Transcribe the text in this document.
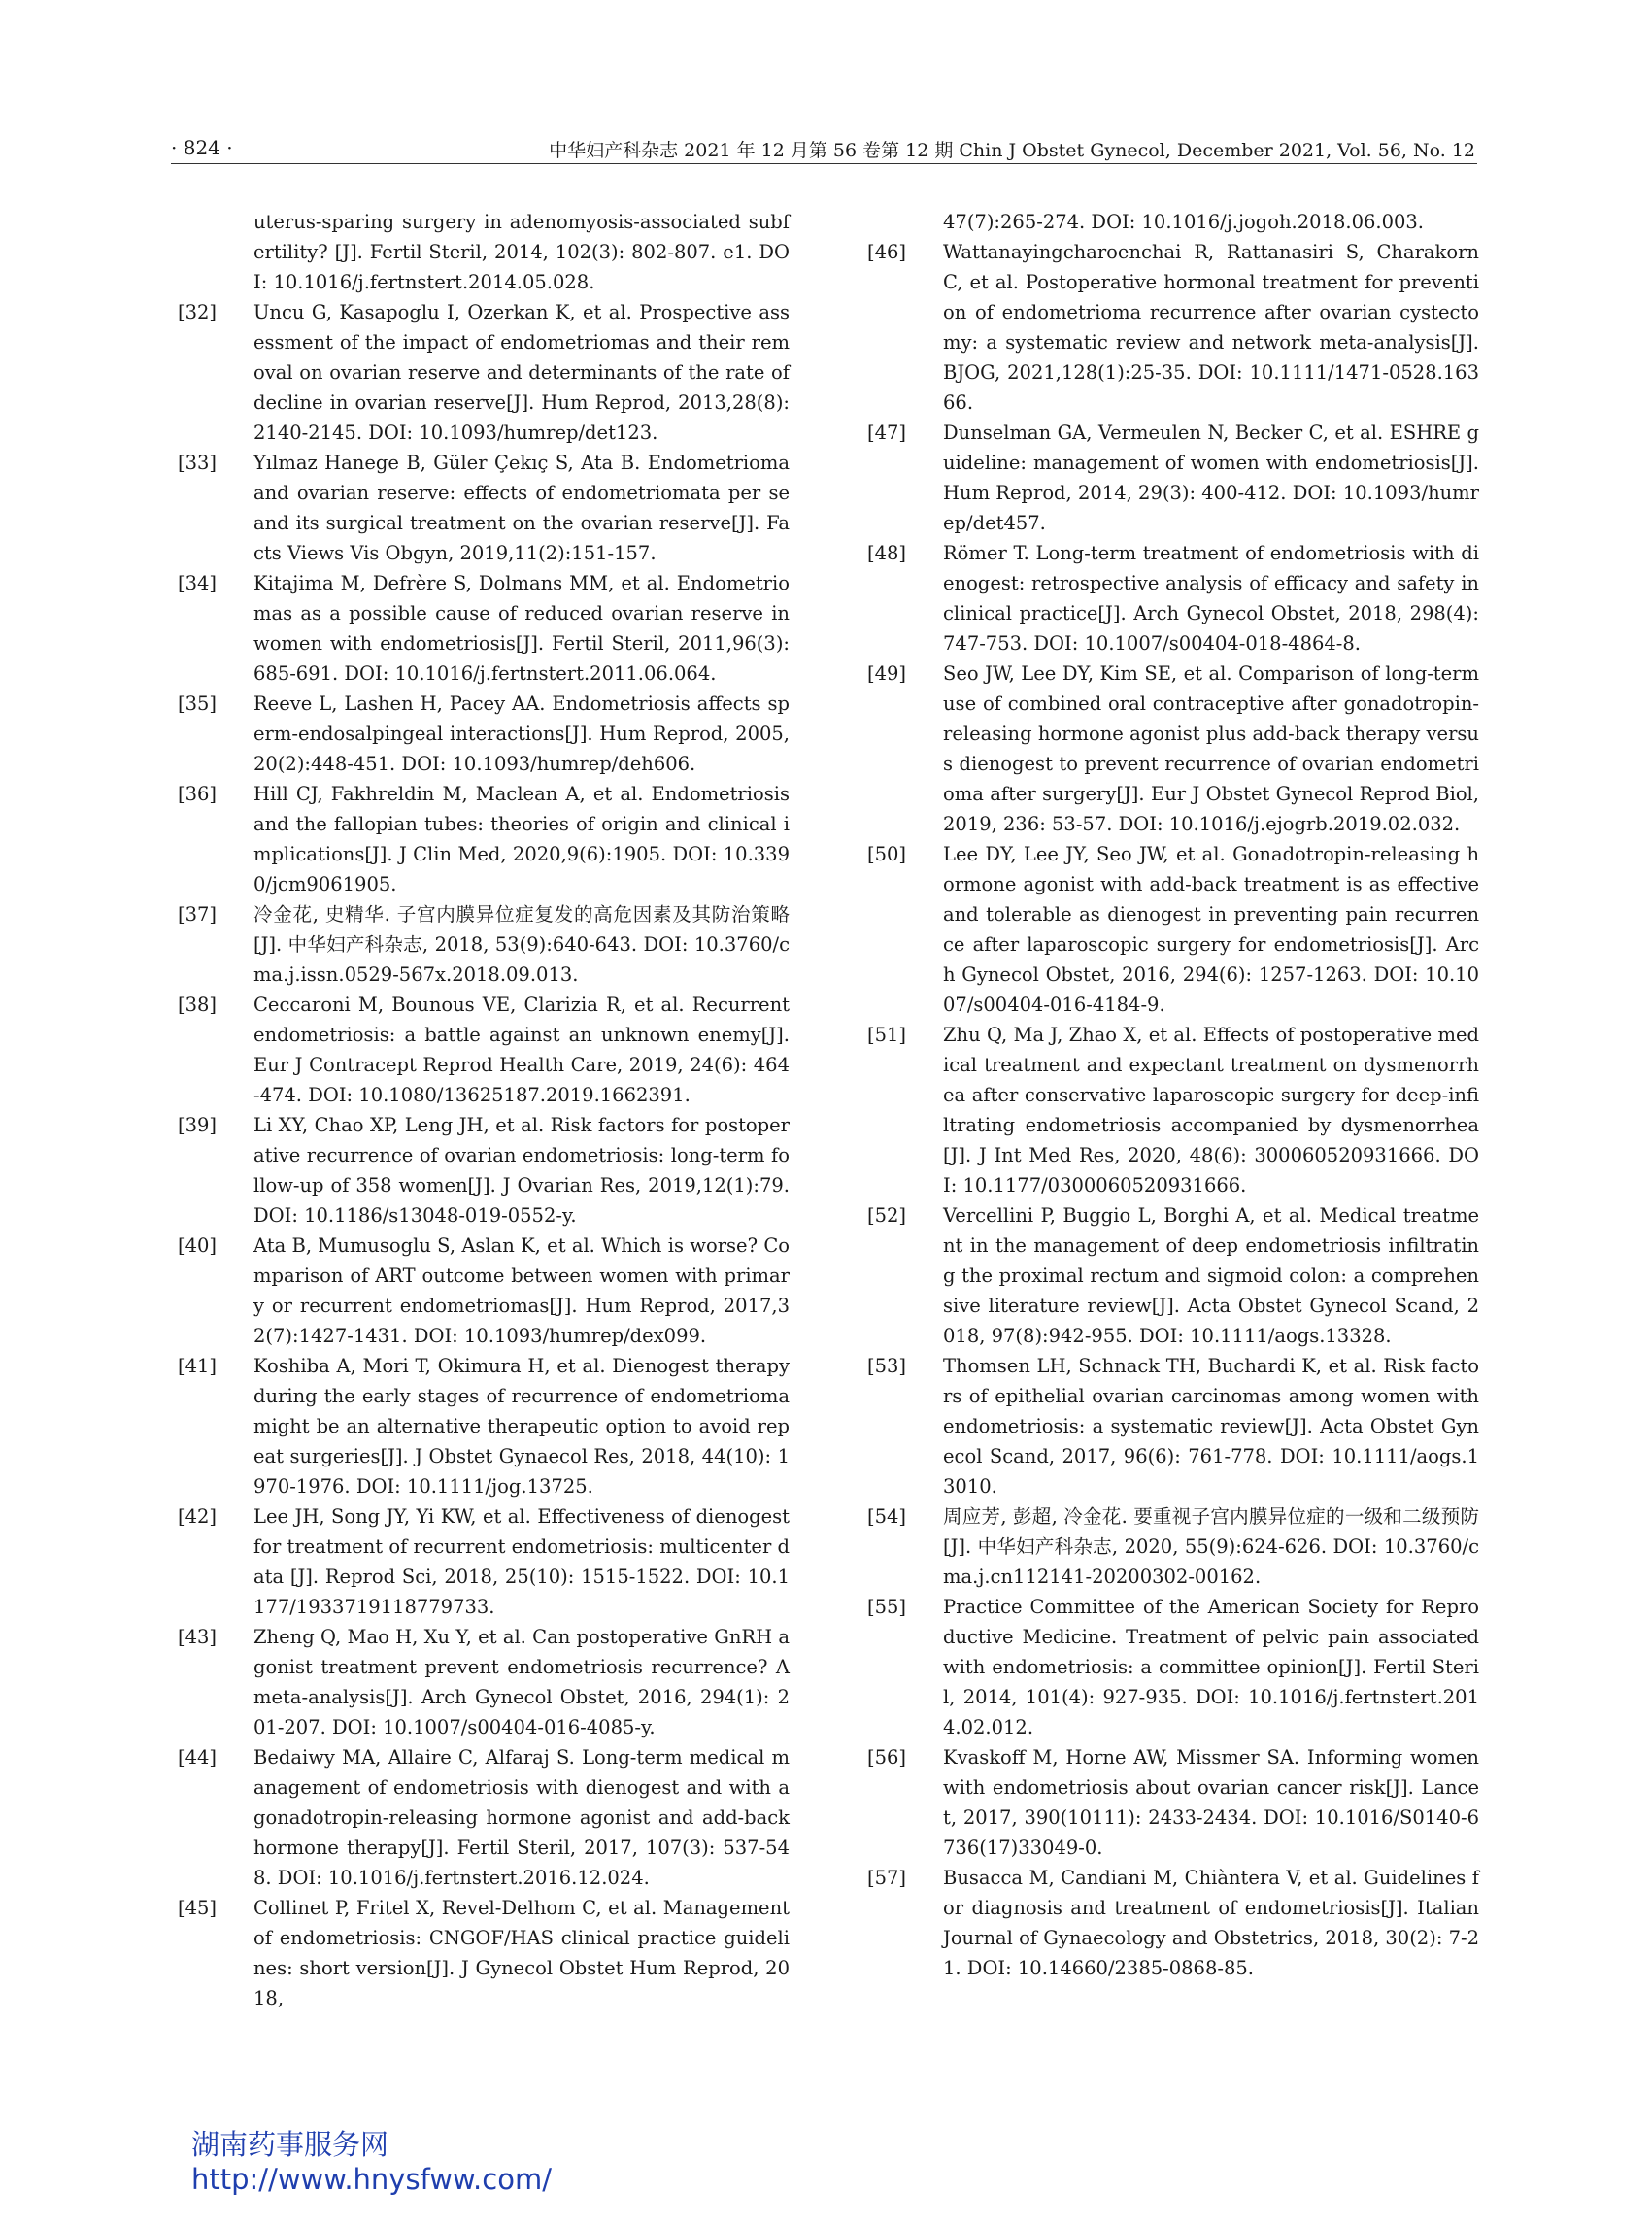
· 824 ·	中华妇产科杂志 2021 年 12 月第 56 卷第 12 期 Chin J Obstet Gynecol, December 2021, Vol. 56, No. 12
uterus-sparing surgery in adenomyosis-associated subfertility? [J]. Fertil Steril, 2014, 102(3): 802-807. e1. DOI: 10.1016/j.fertnstert.2014.05.028.
[32]	Uncu G, Kasapoglu I, Ozerkan K, et al. Prospective assessment of the impact of endometriomas and their removal on ovarian reserve and determinants of the rate of decline in ovarian reserve[J]. Hum Reprod, 2013,28(8): 2140-2145. DOI: 10.1093/humrep/det123.
[33]	Yılmaz Hanege B, Güler Çekıç S, Ata B. Endometrioma and ovarian reserve: effects of endometriomata per se and its surgical treatment on the ovarian reserve[J]. Facts Views Vis Obgyn, 2019,11(2):151-157.
[34]	Kitajima M, Defrère S, Dolmans MM, et al. Endometriomas as a possible cause of reduced ovarian reserve in women with endometriosis[J]. Fertil Steril, 2011,96(3):685-691. DOI: 10.1016/j.fertnstert.2011.06.064.
[35]	Reeve L, Lashen H, Pacey AA. Endometriosis affects sperm-endosalpingeal interactions[J]. Hum Reprod, 2005, 20(2):448-451. DOI: 10.1093/humrep/deh606.
[36]	Hill CJ, Fakhreldin M, Maclean A, et al. Endometriosis and the fallopian tubes: theories of origin and clinical implications[J]. J Clin Med, 2020,9(6):1905. DOI: 10.3390/jcm9061905.
[37]	冷金花, 史精华. 子宫内膜异位症复发的高危因素及其防治策略 [J]. 中华妇产科杂志, 2018, 53(9):640-643. DOI: 10.3760/cma.j.issn.0529-567x.2018.09.013.
[38]	Ceccaroni M, Bounous VE, Clarizia R, et al. Recurrent endometriosis: a battle against an unknown enemy[J]. Eur J Contracept Reprod Health Care, 2019, 24(6): 464-474. DOI: 10.1080/13625187.2019.1662391.
[39]	Li XY, Chao XP, Leng JH, et al. Risk factors for postoperative recurrence of ovarian endometriosis: long-term follow-up of 358 women[J]. J Ovarian Res, 2019,12(1):79. DOI: 10.1186/s13048-019-0552-y.
[40]	Ata B, Mumusoglu S, Aslan K, et al. Which is worse? Comparison of ART outcome between women with primary or recurrent endometriomas[J]. Hum Reprod, 2017,32(7):1427-1431. DOI: 10.1093/humrep/dex099.
[41]	Koshiba A, Mori T, Okimura H, et al. Dienogest therapy during the early stages of recurrence of endometrioma might be an alternative therapeutic option to avoid repeat surgeries[J]. J Obstet Gynaecol Res, 2018, 44(10): 1970-1976. DOI: 10.1111/jog.13725.
[42]	Lee JH, Song JY, Yi KW, et al. Effectiveness of dienogest for treatment of recurrent endometriosis: multicenter data [J]. Reprod Sci, 2018, 25(10): 1515-1522. DOI: 10.1177/1933719118779733.
[43]	Zheng Q, Mao H, Xu Y, et al. Can postoperative GnRH agonist treatment prevent endometriosis recurrence? A meta-analysis[J]. Arch Gynecol Obstet, 2016, 294(1): 201-207. DOI: 10.1007/s00404-016-4085-y.
[44]	Bedaiwy MA, Allaire C, Alfaraj S. Long-term medical management of endometriosis with dienogest and with a gonadotropin-releasing hormone agonist and add-back hormone therapy[J]. Fertil Steril, 2017, 107(3): 537-548. DOI: 10.1016/j.fertnstert.2016.12.024.
[45]	Collinet P, Fritel X, Revel-Delhom C, et al. Management of endometriosis: CNGOF/HAS clinical practice guidelines: short version[J]. J Gynecol Obstet Hum Reprod, 2018,
47(7):265-274. DOI: 10.1016/j.jogoh.2018.06.003.
[46]	Wattanayingcharoenchai R, Rattanasiri S, Charakorn C, et al. Postoperative hormonal treatment for prevention of endometrioma recurrence after ovarian cystectomy: a systematic review and network meta-analysis[J]. BJOG, 2021,128(1):25-35. DOI: 10.1111/1471-0528.16366.
[47]	Dunselman GA, Vermeulen N, Becker C, et al. ESHRE guideline: management of women with endometriosis[J]. Hum Reprod, 2014, 29(3): 400-412. DOI: 10.1093/humrep/det457.
[48]	Römer T. Long-term treatment of endometriosis with dienogest: retrospective analysis of efficacy and safety in clinical practice[J]. Arch Gynecol Obstet, 2018, 298(4): 747-753. DOI: 10.1007/s00404-018-4864-8.
[49]	Seo JW, Lee DY, Kim SE, et al. Comparison of long-term use of combined oral contraceptive after gonadotropin-releasing hormone agonist plus add-back therapy versus dienogest to prevent recurrence of ovarian endometrioma after surgery[J]. Eur J Obstet Gynecol Reprod Biol, 2019, 236: 53-57. DOI: 10.1016/j.ejogrb.2019.02.032.
[50]	Lee DY, Lee JY, Seo JW, et al. Gonadotropin-releasing hormone agonist with add-back treatment is as effective and tolerable as dienogest in preventing pain recurrence after laparoscopic surgery for endometriosis[J]. Arch Gynecol Obstet, 2016, 294(6): 1257-1263. DOI: 10.1007/s00404-016-4184-9.
[51]	Zhu Q, Ma J, Zhao X, et al. Effects of postoperative medical treatment and expectant treatment on dysmenorrhea after conservative laparoscopic surgery for deep-infiltrating endometriosis accompanied by dysmenorrhea[J]. J Int Med Res, 2020, 48(6): 300060520931666. DOI: 10.1177/0300060520931666.
[52]	Vercellini P, Buggio L, Borghi A, et al. Medical treatment in the management of deep endometriosis infiltrating the proximal rectum and sigmoid colon: a comprehensive literature review[J]. Acta Obstet Gynecol Scand, 2018, 97(8):942-955. DOI: 10.1111/aogs.13328.
[53]	Thomsen LH, Schnack TH, Buchardi K, et al. Risk factors of epithelial ovarian carcinomas among women with endometriosis: a systematic review[J]. Acta Obstet Gynecol Scand, 2017, 96(6): 761-778. DOI: 10.1111/aogs.13010.
[54]	周应芳, 彭超, 冷金花. 要重视子宫内膜异位症的一级和二级预防[J]. 中华妇产科杂志, 2020, 55(9):624-626. DOI: 10.3760/cma.j.cn112141-20200302-00162.
[55]	Practice Committee of the American Society for Reproductive Medicine. Treatment of pelvic pain associated with endometriosis: a committee opinion[J]. Fertil Steril, 2014, 101(4): 927-935. DOI: 10.1016/j.fertnstert.2014.02.012.
[56]	Kvaskoff M, Horne AW, Missmer SA. Informing women with endometriosis about ovarian cancer risk[J]. Lancet, 2017, 390(10111): 2433-2434. DOI: 10.1016/S0140-6736(17)33049-0.
[57]	Busacca M, Candiani M, Chiàntera V, et al. Guidelines for diagnosis and treatment of endometriosis[J]. Italian Journal of Gynaecology and Obstetrics, 2018, 30(2): 7-21. DOI: 10.14660/2385-0868-85.
湖南药事服务网
http://www.hnysfww.com/
